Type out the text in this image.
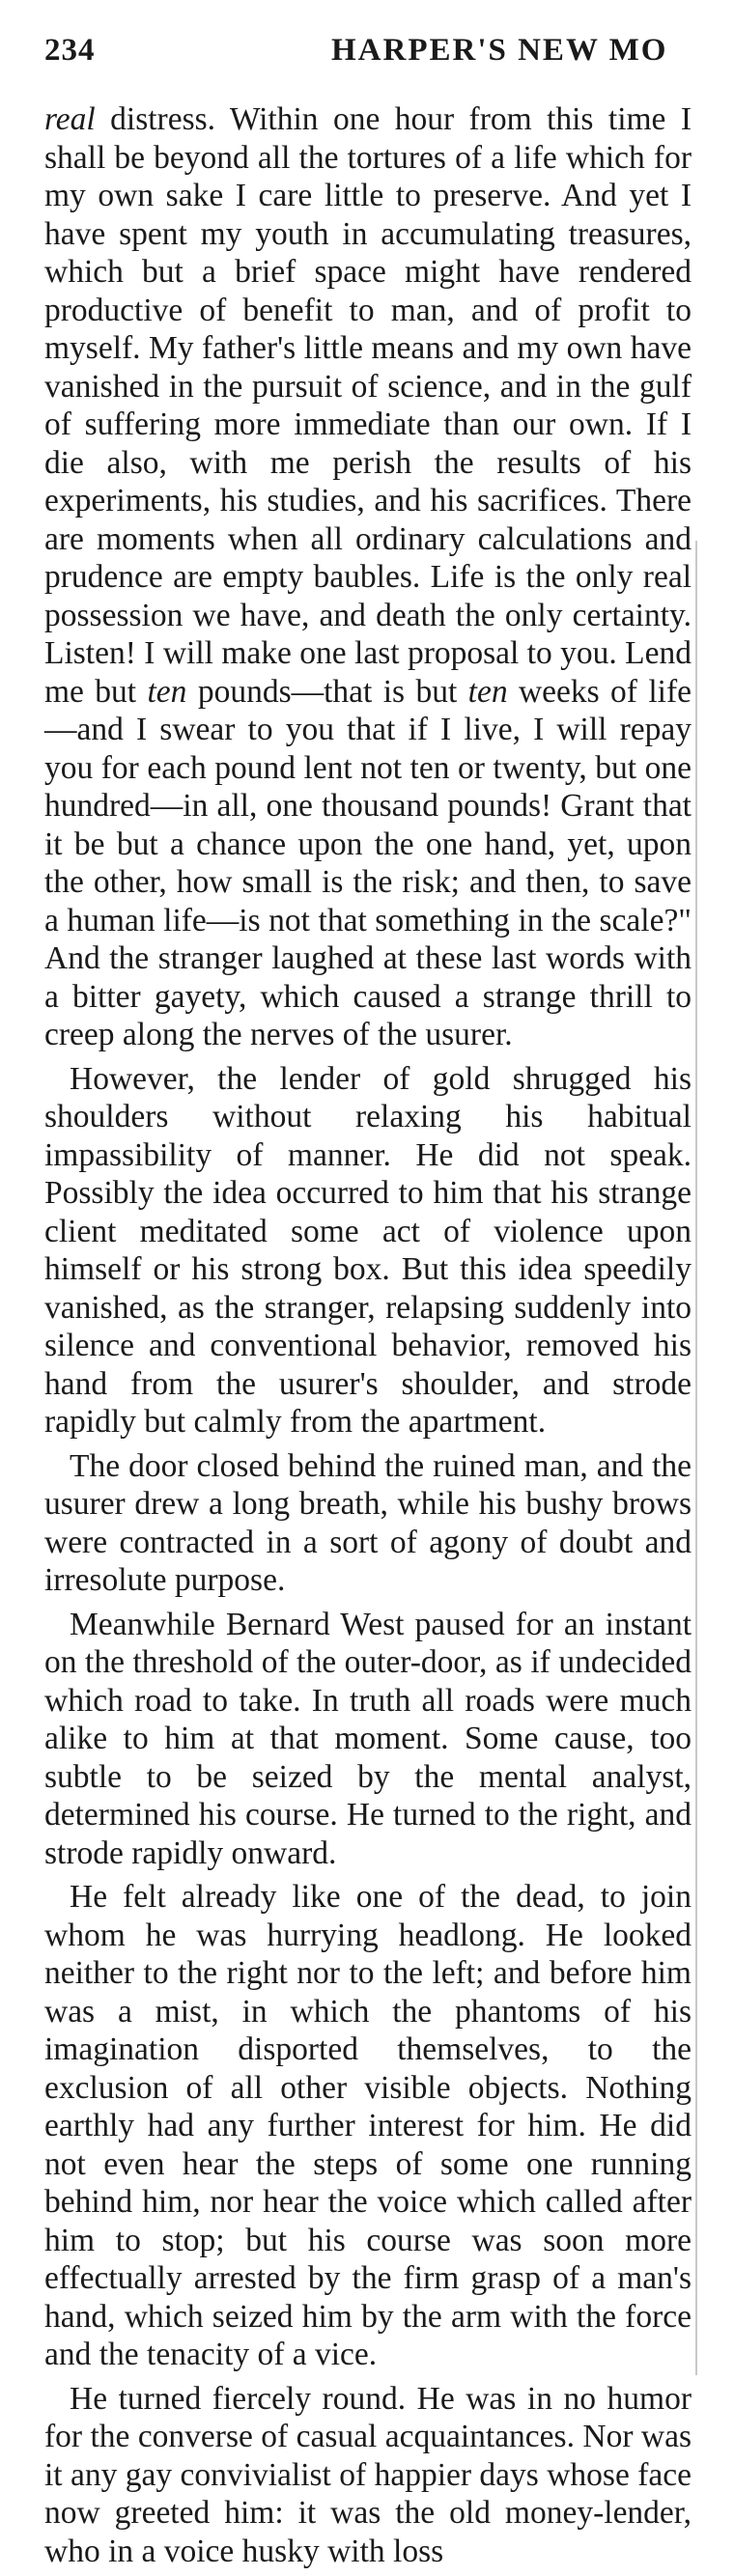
234	HARPER'S NEW MO

real distress. Within one hour from this time I shall be beyond all the tortures of a life which for my own sake I care little to preserve. And yet I have spent my youth in accumulating treasures, which but a brief space might have rendered productive of benefit to man, and of profit to myself. My father's little means and my own have vanished in the pursuit of science, and in the gulf of suffering more immediate than our own. If I die also, with me perish the results of his experiments, his studies, and his sacrifices. There are moments when all ordinary calculations and prudence are empty baubles. Life is the only real possession we have, and death the only certainty. Listen! I will make one last proposal to you. Lend me but ten pounds—that is but ten weeks of life—and I swear to you that if I live, I will repay you for each pound lent not ten or twenty, but one hundred—in all, one thousand pounds! Grant that it be but a chance upon the one hand, yet, upon the other, how small is the risk; and then, to save a human life—is not that something in the scale?" And the stranger laughed at these last words with a bitter gayety, which caused a strange thrill to creep along the nerves of the usurer.

However, the lender of gold shrugged his shoulders without relaxing his habitual impassibility of manner. He did not speak. Possibly the idea occurred to him that his strange client meditated some act of violence upon himself or his strong box. But this idea speedily vanished, as the stranger, relapsing suddenly into silence and conventional behavior, removed his hand from the usurer's shoulder, and strode rapidly but calmly from the apartment.

The door closed behind the ruined man, and the usurer drew a long breath, while his bushy brows were contracted in a sort of agony of doubt and irresolute purpose.

Meanwhile Bernard West paused for an instant on the threshold of the outer-door, as if undecided which road to take. In truth all roads were much alike to him at that moment. Some cause, too subtle to be seized by the mental analyst, determined his course. He turned to the right, and strode rapidly onward.

He felt already like one of the dead, to join whom he was hurrying headlong. He looked neither to the right nor to the left; and before him was a mist, in which the phantoms of his imagination disported themselves, to the exclusion of all other visible objects. Nothing earthly had any further interest for him. He did not even hear the steps of some one running behind him, nor hear the voice which called after him to stop; but his course was soon more effectually arrested by the firm grasp of a man's hand, which seized him by the arm with the force and the tenacity of a vice.

He turned fiercely round. He was in no humor for the converse of casual acquaintances. Nor was it any gay convivialist of happier days whose face now greeted him: it was the old money-lender, who in a voice husky with loss
